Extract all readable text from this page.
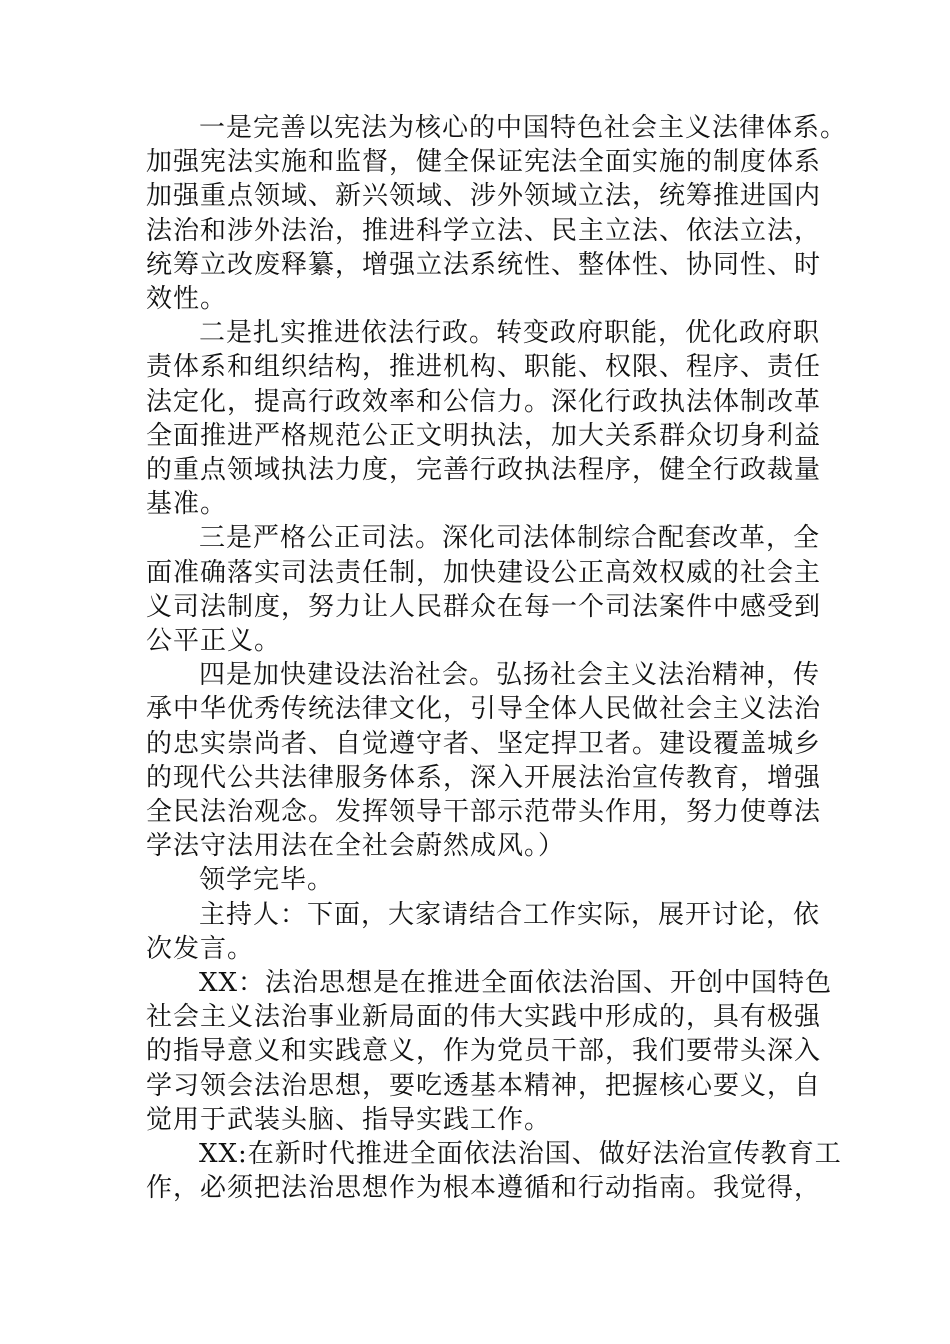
一是完善以宪法为核心的中国特色社会主义法律体系。
加强宪法实施和监督，健全保证宪法全面实施的制度体系
加强重点领域、新兴领域、涉外领域立法，统筹推进国内
法治和涉外法治，推进科学立法、民主立法、依法立法，
统筹立改废释纂，增强立法系统性、整体性、协同性、时
效性。

二是扎实推进依法行政。转变政府职能，优化政府职
责体系和组织结构，推进机构、职能、权限、程序、责任
法定化，提高行政效率和公信力。深化行政执法体制改革
全面推进严格规范公正文明执法，加大关系群众切身利益
的重点领域执法力度，完善行政执法程序，健全行政裁量
基准。

三是严格公正司法。深化司法体制综合配套改革，全
面准确落实司法责任制，加快建设公正高效权威的社会主
义司法制度，努力让人民群众在每一个司法案件中感受到
公平正义。

四是加快建设法治社会。弘扬社会主义法治精神，传
承中华优秀传统法律文化，引导全体人民做社会主义法治
的忠实崇尚者、自觉遵守者、坚定捍卫者。建设覆盖城乡
的现代公共法律服务体系，深入开展法治宣传教育，增强
全民法治观念。发挥领导干部示范带头作用，努力使尊法
学法守法用法在全社会蔚然成风。）

领学完毕。

主持人：下面，大家请结合工作实际，展开讨论，依
次发言。

XX：法治思想是在推进全面依法治国、开创中国特色
社会主义法治事业新局面的伟大实践中形成的，具有极强
的指导意义和实践意义，作为党员干部，我们要带头深入
学习领会法治思想，要吃透基本精神，把握核心要义，自
觉用于武装头脑、指导实践工作。

XX:在新时代推进全面依法治国、做好法治宣传教育工
作，必须把法治思想作为根本遵循和行动指南。我觉得，
